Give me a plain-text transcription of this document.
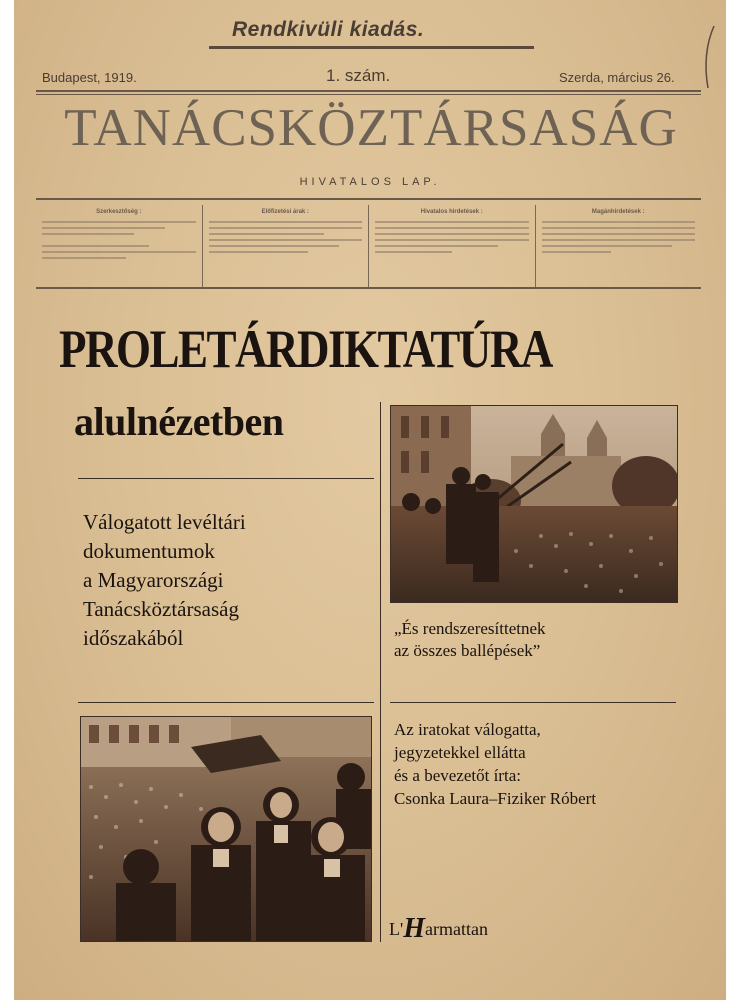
Rendkivüli kiadás.
Budapest, 1919.	1. szám.	Szerda, március 26.
TANÁCSKÖZTÁRSASÁG
HIVATALOS LAP.
Szerkesztőség :	Előfizetési árak :	Hivatalos hirdetések :	Magánhirdetések :
PROLETÁRDIKTATÚRA
alulnézetben
Válogatott levéltári
dokumentumok
a Magyarországi
Tanácsköztársaság
időszakából	„És rendszeresíttetnek
az összes ballépések”
Az iratokat válogatta,
jegyzetekkel ellátta
és a bevezetőt írta:
Csonka Laura–Fiziker Róbert
L'Harmattan
